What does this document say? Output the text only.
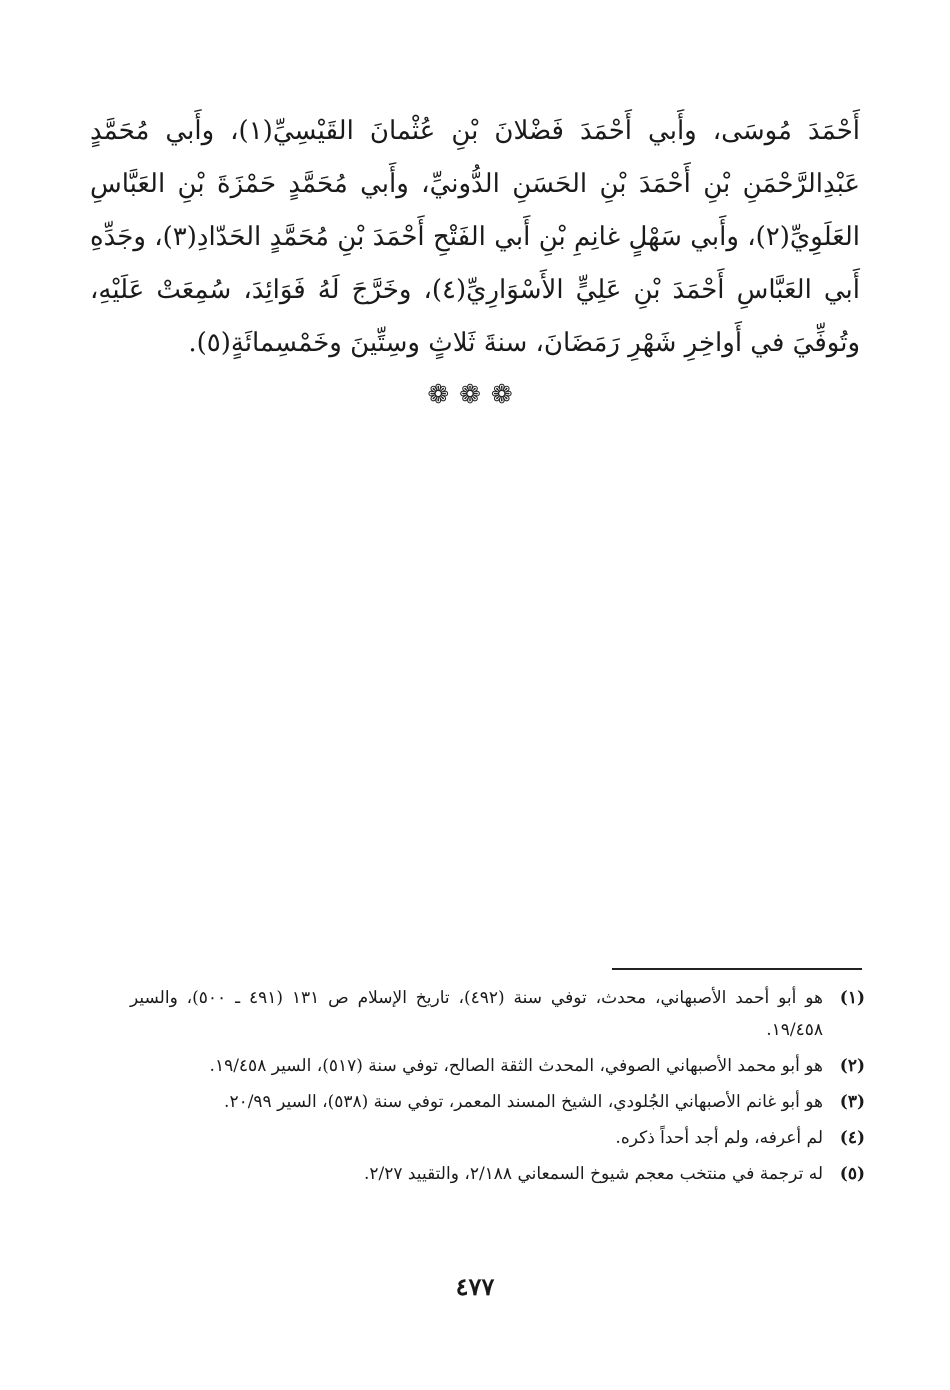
أَحْمَدَ مُوسَى، وأَبي أَحْمَدَ فَضْلانَ بْنِ عُثْمانَ القَيْسِيِّ(١)، وأَبي مُحَمَّدٍ
عَبْدِالرَّحْمَنِ بْنِ أَحْمَدَ بْنِ الحَسَنِ الدُّونيِّ، وأَبي مُحَمَّدٍ حَمْزَةَ بْنِ العَبَّاسِ
العَلَوِيِّ(٢)، وأَبي سَهْلٍ غانِمِ بْنِ أَبي الفَتْحِ أَحْمَدَ بْنِ مُحَمَّدٍ الحَدّادِ(٣)، وجَدِّهِ
أَبي العَبَّاسِ أَحْمَدَ بْنِ عَلِيٍّ الأَسْوَارِيِّ(٤)، وخَرَّجَ لَهُ فَوَائِدَ، سُمِعَتْ عَلَيْهِ،
وتُوفِّيَ في أَواخِرِ شَهْرِ رَمَضَانَ، سنةَ ثَلاثٍ وسِتِّينَ وخَمْسِمائَةٍ(٥).
❁❁❁
(١)
هو أبو أحمد الأصبهاني، محدث، توفي سنة (٤٩٢)، تاريخ الإسلام ص ١٣١ (٤٩١ ـ ٥٠٠)، والسير ١٩/٤٥٨.
(٢)
هو أبو محمد الأصبهاني الصوفي، المحدث الثقة الصالح، توفي سنة (٥١٧)، السير ١٩/٤٥٨.
(٣)
هو أبو غانم الأصبهاني الجُلودي، الشيخ المسند المعمر، توفي سنة (٥٣٨)، السير ٢٠/٩٩.
(٤)
لم أعرفه، ولم أجد أحداً ذكره.
(٥)
له ترجمة في منتخب معجم شيوخ السمعاني ٢/١٨٨، والتقييد ٢/٢٧.
٤٧٧
